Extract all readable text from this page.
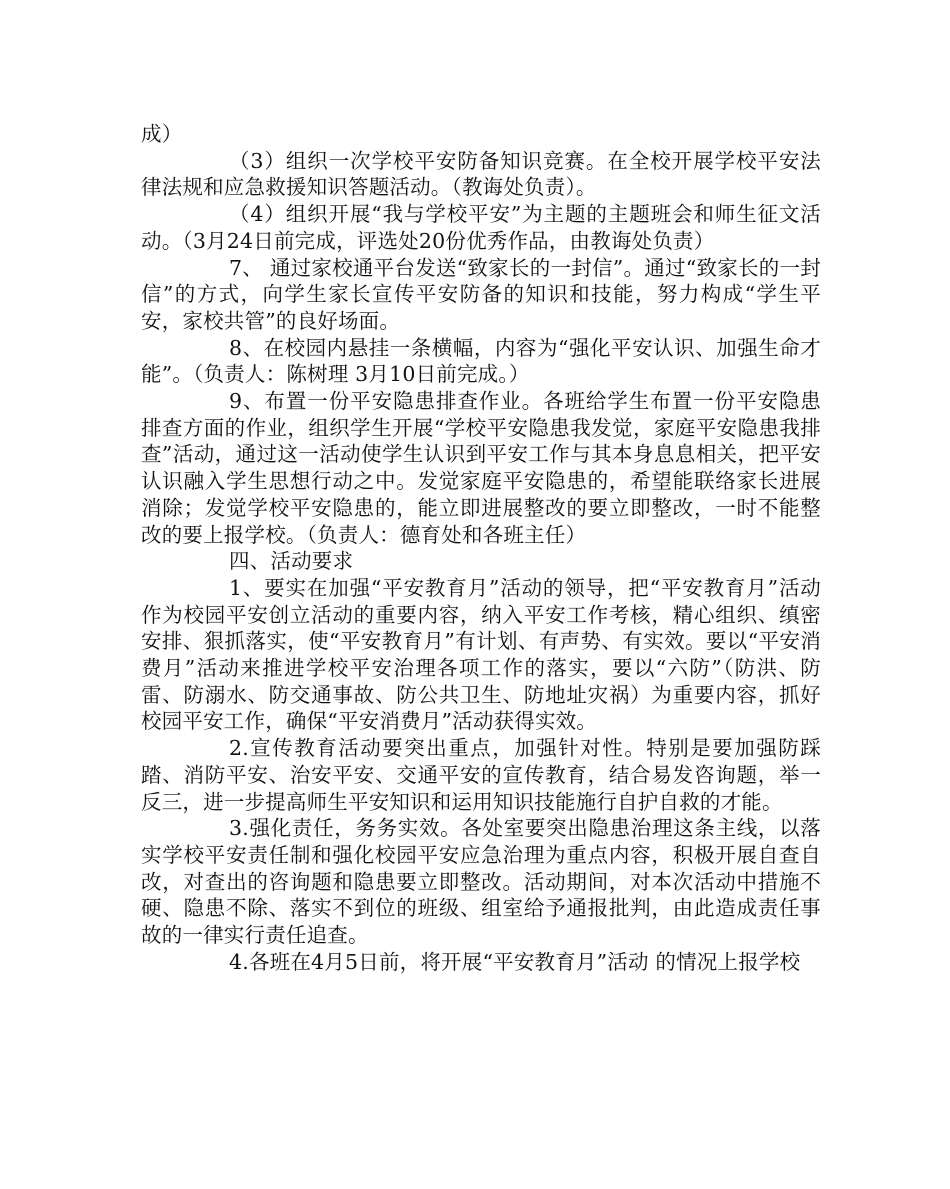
成）

（3）组织一次学校平安防备知识竞赛。在全校开展学校平安法律法规和应急救援知识答题活动。（教诲处负责）。

（4）组织开展“我与学校平安”为主题的主题班会和师生征文活动。（3月24日前完成，评选处20份优秀作品，由教诲处负责）

7、 通过家校通平台发送“致家长的一封信”。通过“致家长的一封信”的方式，向学生家长宣传平安防备的知识和技能，努力构成“学生平安，家校共管”的良好场面。

8、在校园内悬挂一条横幅，内容为“强化平安认识、加强生命才能”。（负责人：陈树理 3月10日前完成。）

9、布置一份平安隐患排查作业。各班给学生布置一份平安隐患排查方面的作业，组织学生开展“学校平安隐患我发觉，家庭平安隐患我排查”活动，通过这一活动使学生认识到平安工作与其本身息息相关，把平安认识融入学生思想行动之中。发觉家庭平安隐患的，希望能联络家长进展消除；发觉学校平安隐患的，能立即进展整改的要立即整改，一时不能整改的要上报学校。（负责人：德育处和各班主任）

四、活动要求

1、要实在加强“平安教育月”活动的领导，把“平安教育月”活动作为校园平安创立活动的重要内容，纳入平安工作考核，精心组织、缜密安排、狠抓落实，使“平安教育月”有计划、有声势、有实效。要以“平安消费月”活动来推进学校平安治理各项工作的落实，要以“六防”（防洪、防雷、防溺水、防交通事故、防公共卫生、防地址灾祸）为重要内容，抓好校园平安工作，确保“平安消费月”活动获得实效。

2.宣传教育活动要突出重点，加强针对性。特别是要加强防踩踏、消防平安、治安平安、交通平安的宣传教育，结合易发咨询题，举一反三，进一步提高师生平安知识和运用知识技能施行自护自救的才能。

3.强化责任，务务实效。各处室要突出隐患治理这条主线，以落实学校平安责任制和强化校园平安应急治理为重点内容，积极开展自查自改，对查出的咨询题和隐患要立即整改。活动期间，对本次活动中措施不硬、隐患不除、落实不到位的班级、组室给予通报批判，由此造成责任事故的一律实行责任追查。

4.各班在4月5日前，将开展“平安教育月”活动 的情况上报学校
